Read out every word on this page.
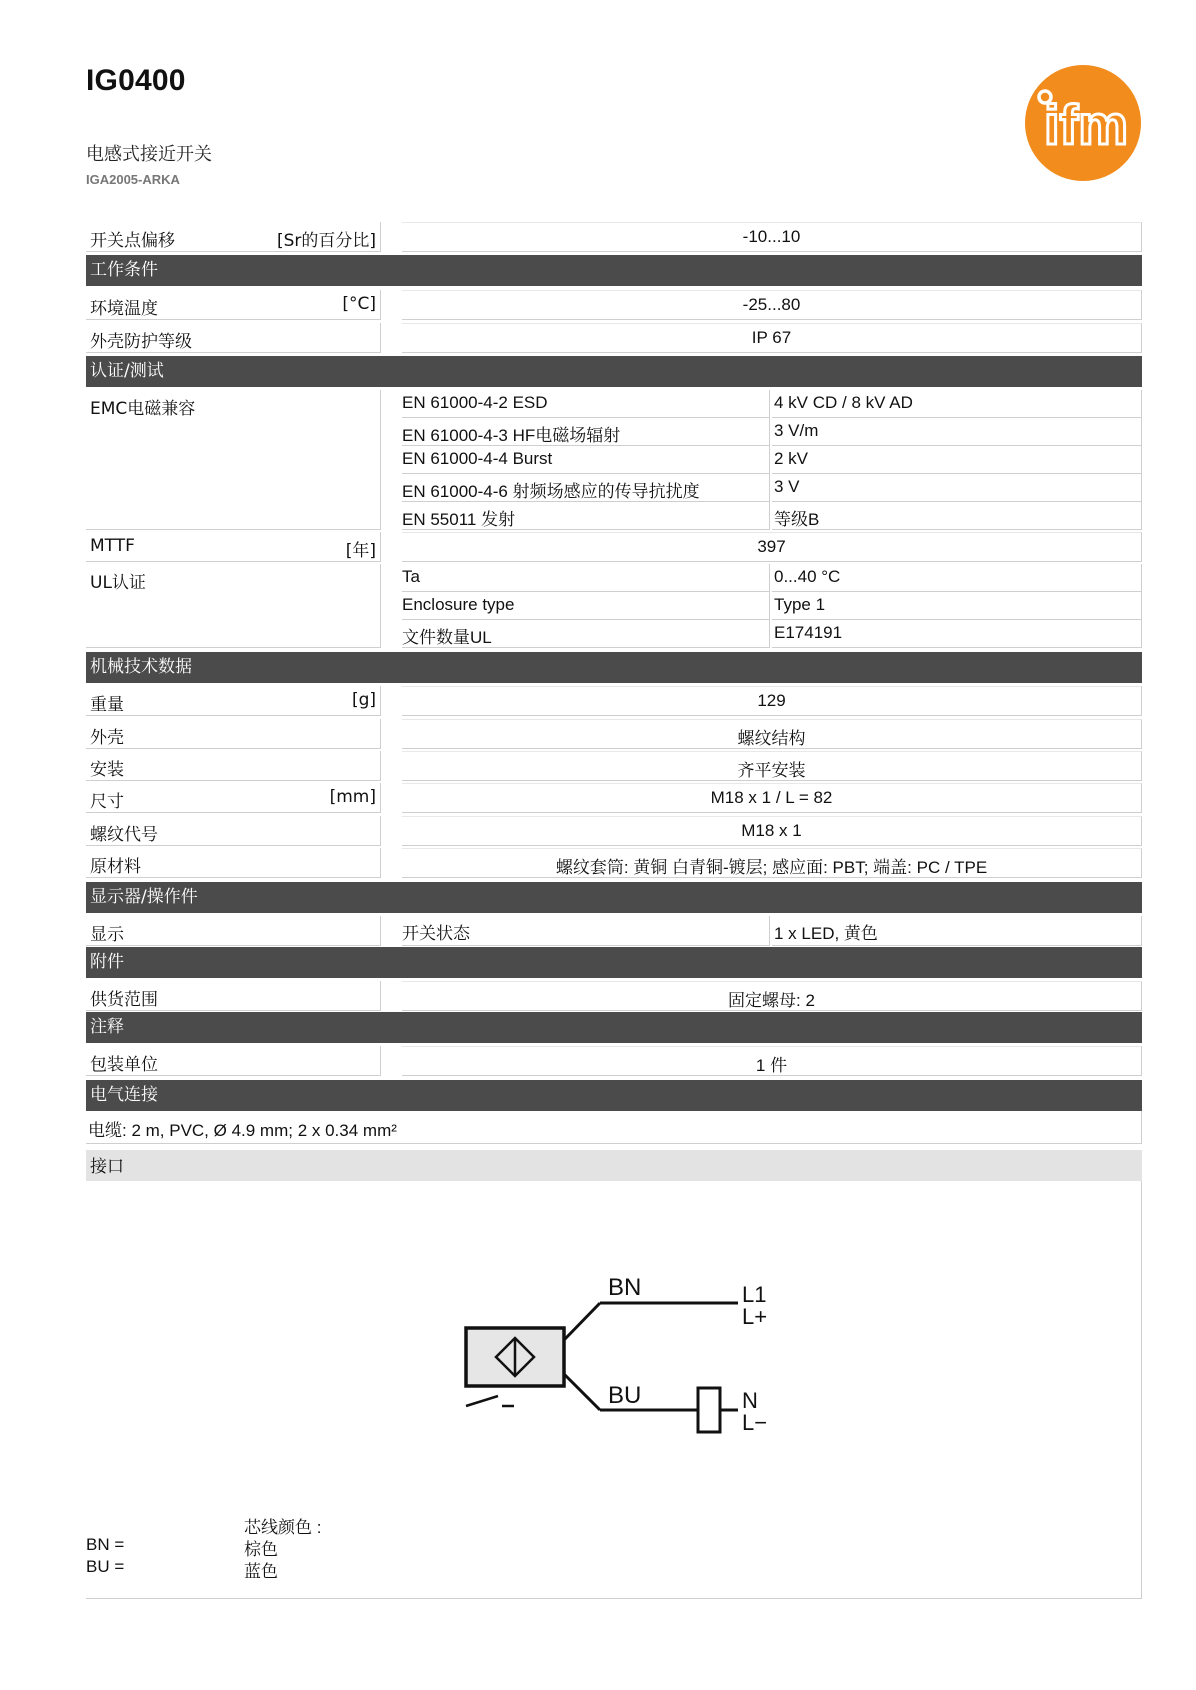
IG0400
电感式接近开关
IGA2005-ARKA
ifm
开关点偏移	[Sr的百分比]	-10...10
工作条件
环境温度	[°C]	-25...80
外壳防护等级	IP 67
认证/测试
EMC电磁兼容	EN 61000-4-2 ESD	4 kV CD / 8 kV AD
EN 61000-4-3 HF电磁场辐射	3 V/m
EN 61000-4-4 Burst	2 kV
EN 61000-4-6 射频场感应的传导抗扰度	3 V
EN 55011 发射	等级B
MTTF	[年]	397
UL认证	Ta	0...40 °C
Enclosure type	Type 1
文件数量UL	E174191
机械技术数据
重量	[g]	129
外壳	螺纹结构
安装	齐平安装
尺寸	[mm]	M18 x 1 / L = 82
螺纹代号	M18 x 1
原材料	螺纹套筒: 黄铜 白青铜-镀层; 感应面: PBT; 端盖: PC / TPE
显示器/操作件
显示	开关状态	1 x LED, 黄色
附件
供货范围	固定螺母: 2
注释
包装单位	1 件
电气连接
电缆: 2 m, PVC, Ø 4.9 mm; 2 x 0.34 mm²
接口
BN
BU
L1
L+
N
L−
芯线颜色 :
BN =	棕色
BU =	蓝色
